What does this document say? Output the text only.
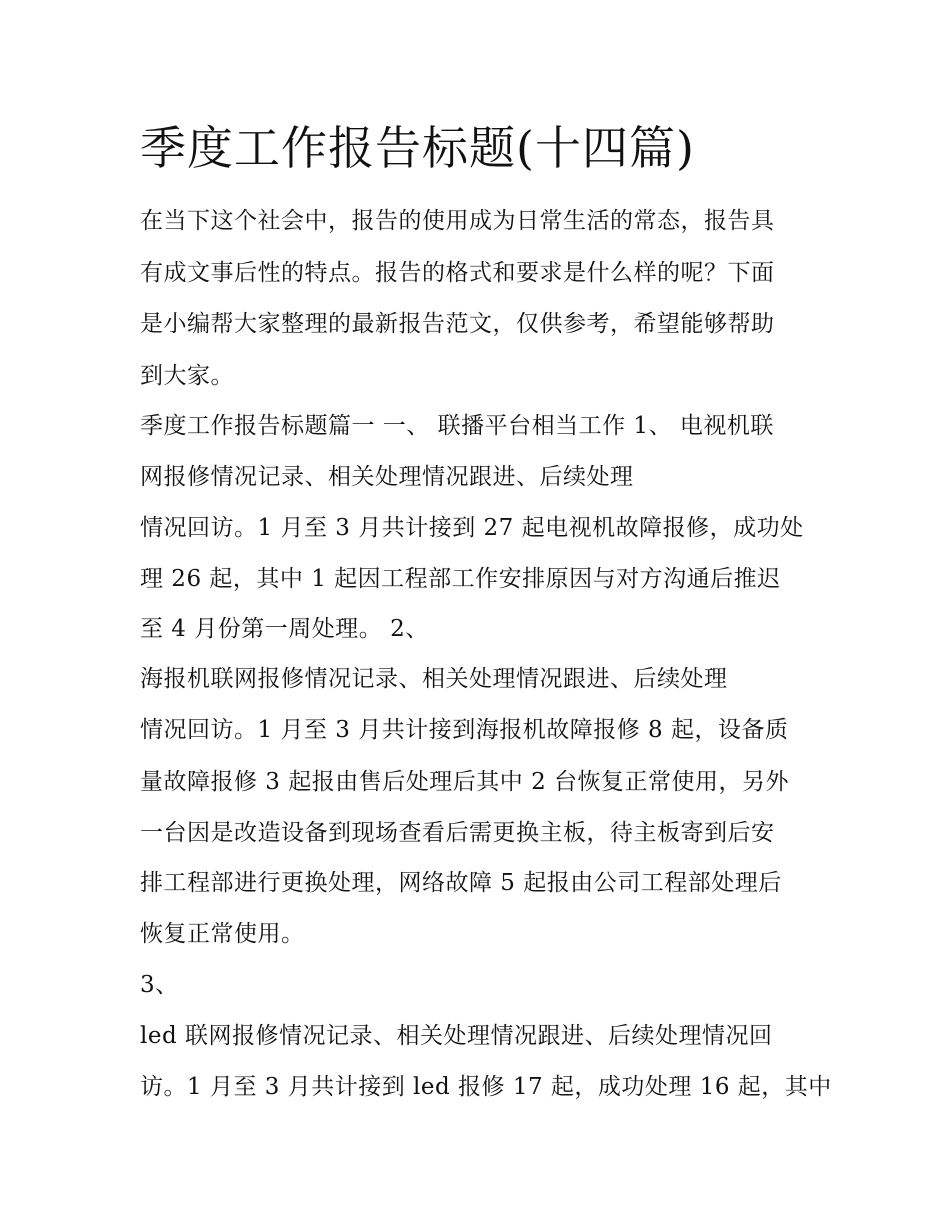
季度工作报告标题(十四篇)

在当下这个社会中，报告的使用成为日常生活的常态，报告具

有成文事后性的特点。报告的格式和要求是什么样的呢？下面

是小编帮大家整理的最新报告范文，仅供参考，希望能够帮助

到大家。

季度工作报告标题篇一 一、 联播平台相当工作 1、 电视机联

网报修情况记录、相关处理情况跟进、后续处理

情况回访。1 月至 3 月共计接到 27 起电视机故障报修，成功处

理 26 起，其中 1 起因工程部工作安排原因与对方沟通后推迟

至 4 月份第一周处理。 2、

海报机联网报修情况记录、相关处理情况跟进、后续处理

情况回访。1 月至 3 月共计接到海报机故障报修 8 起，设备质

量故障报修 3 起报由售后处理后其中 2 台恢复正常使用，另外

一台因是改造设备到现场查看后需更换主板，待主板寄到后安

排工程部进行更换处理，网络故障 5 起报由公司工程部处理后

恢复正常使用。

3、

led 联网报修情况记录、相关处理情况跟进、后续处理情况回

访。1 月至 3 月共计接到 led 报修 17 起，成功处理 16 起，其中
